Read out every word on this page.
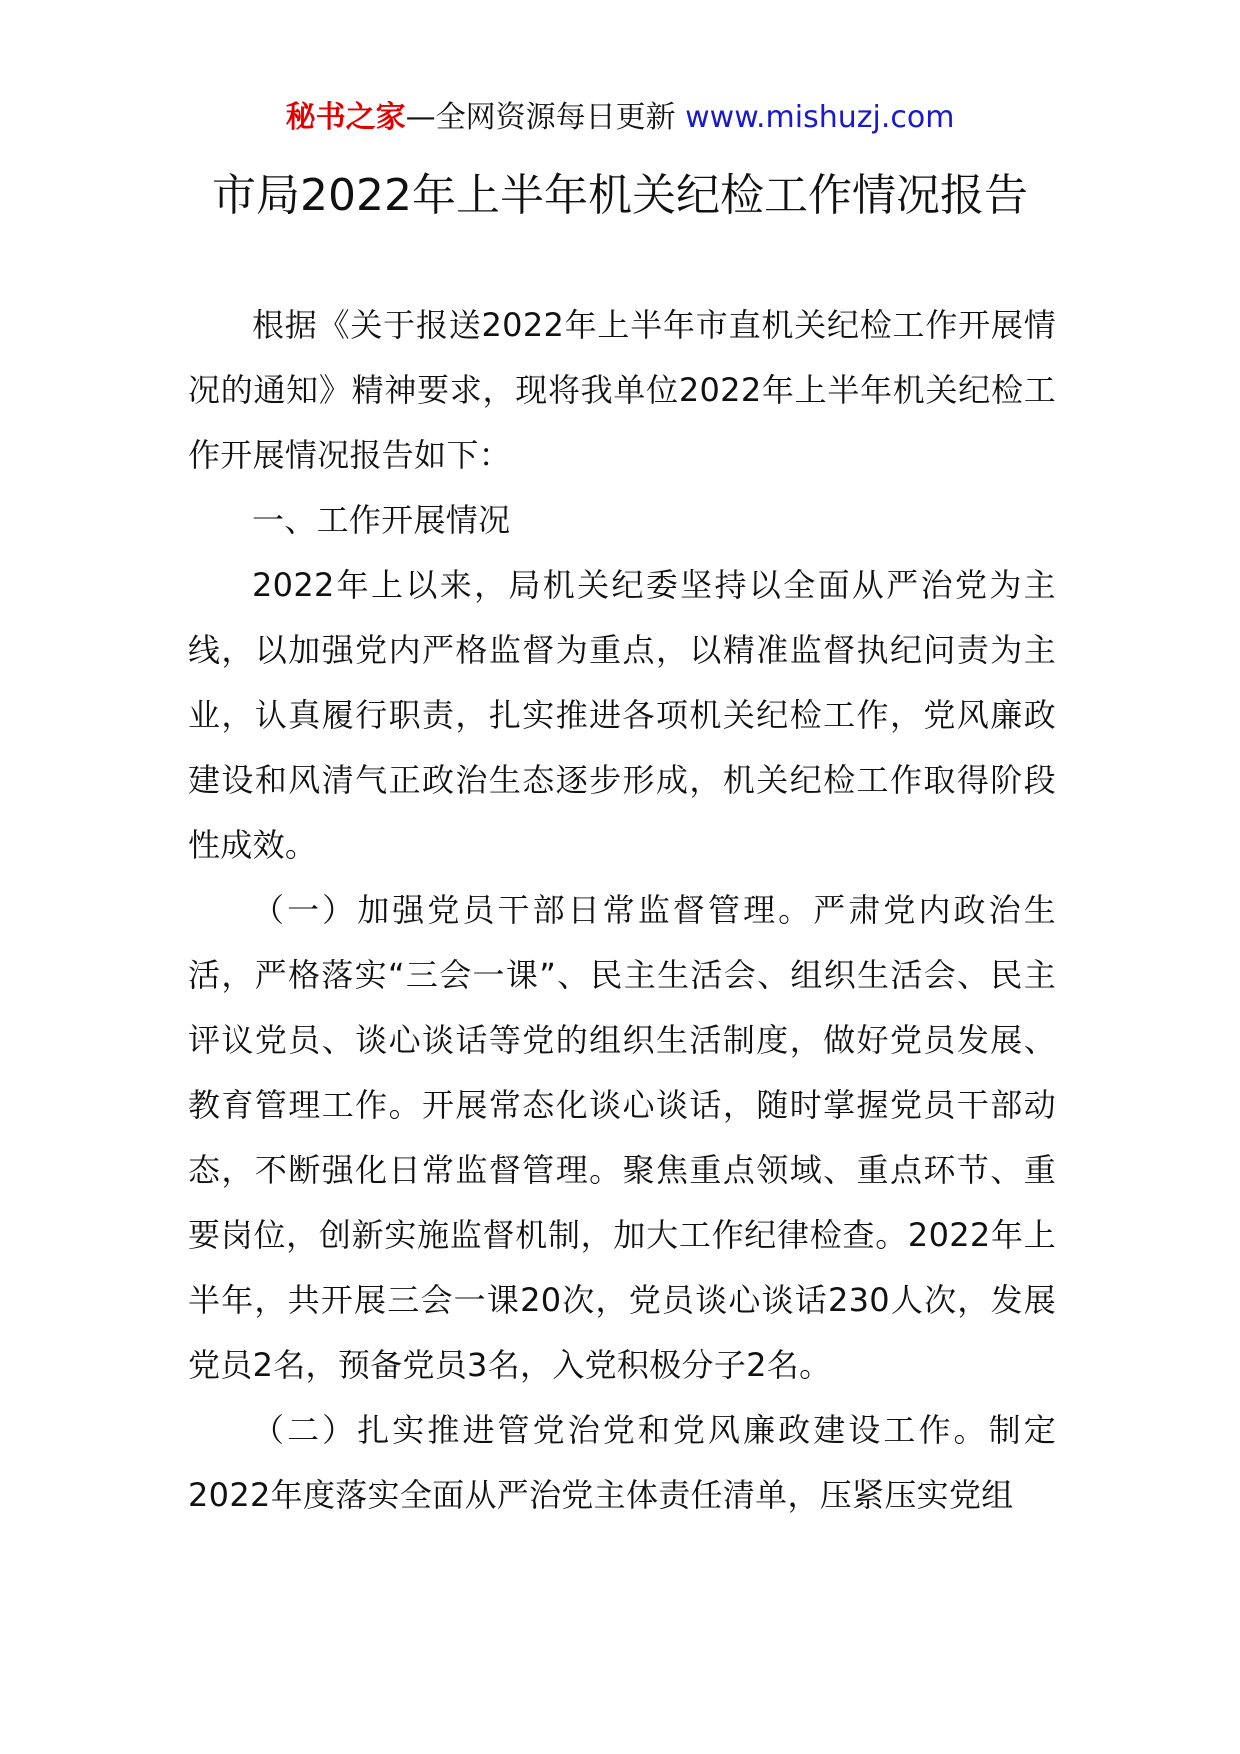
秘书之家—全网资源每日更新 www.mishuzj.com
市局2022年上半年机关纪检工作情况报告

根据《关于报送2022年上半年市直机关纪检工作开展情况的通知》精神要求，现将我单位2022年上半年机关纪检工作开展情况报告如下：

一、工作开展情况

2022年上以来，局机关纪委坚持以全面从严治党为主线，以加强党内严格监督为重点，以精准监督执纪问责为主业，认真履行职责，扎实推进各项机关纪检工作，党风廉政建设和风清气正政治生态逐步形成，机关纪检工作取得阶段性成效。

（一）加强党员干部日常监督管理。严肃党内政治生活，严格落实“三会一课”、民主生活会、组织生活会、民主评议党员、谈心谈话等党的组织生活制度，做好党员发展、教育管理工作。开展常态化谈心谈话，随时掌握党员干部动态，不断强化日常监督管理。聚焦重点领域、重点环节、重要岗位，创新实施监督机制，加大工作纪律检查。2022年上半年，共开展三会一课20次，党员谈心谈话230人次，发展党员2名，预备党员3名，入党积极分子2名。

（二）扎实推进管党治党和党风廉政建设工作。制定2022年度落实全面从严治党主体责任清单，压紧压实党组
